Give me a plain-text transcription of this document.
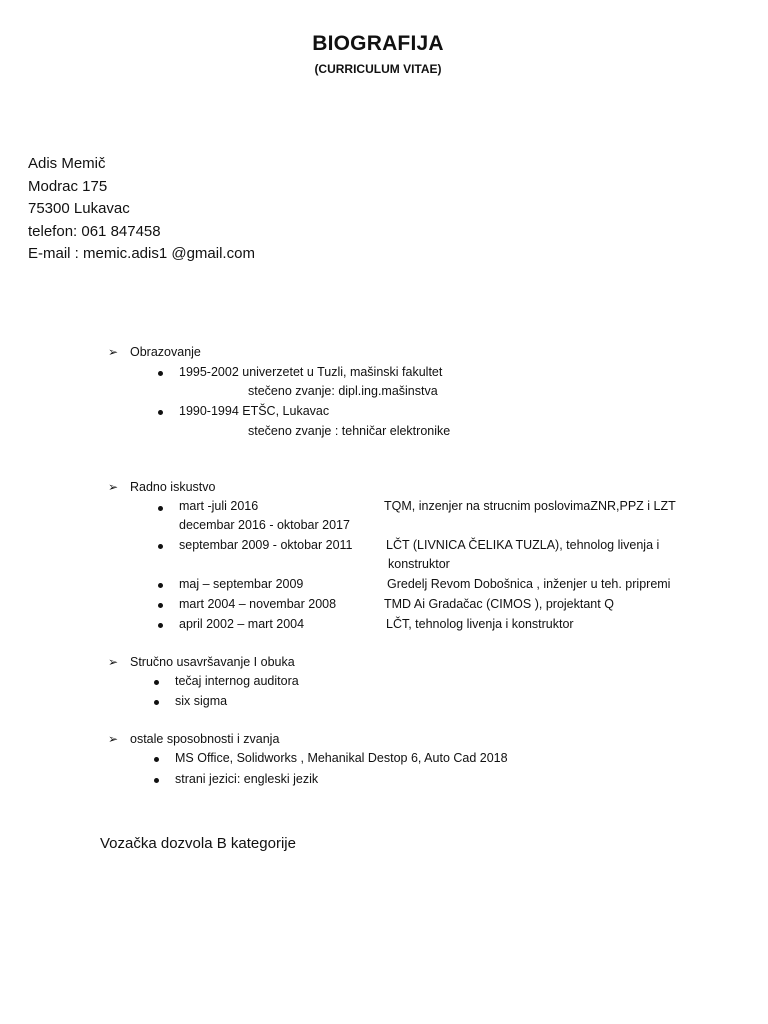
BIOGRAFIJA
(CURRICULUM VITAE)
Adis Memič
Modrac 175
75300 Lukavac
telefon: 061 847458
E-mail : memic.adis1 @gmail.com
➢ Obrazovanje
1995-2002 univerzetet u Tuzli, mašinski fakultet
stečeno zvanje: dipl.ing.mašinstva
1990-1994 ETŠC, Lukavac
stečeno zvanje : tehničar elektronike
➢ Radno iskustvo
mart -juli 2016	TQM, inzenjer na strucnim poslovimaZNR,PPZ i LZT
decembar 2016 - oktobar 2017
septembar 2009 - oktobar 2011	LČT (LIVNICA ČELIKA TUZLA), tehnolog livenja i
konstruktor
maj – septembar 2009	Gredelj Revom Dobošnica , inženjer u teh. pripremi
mart 2004 – novembar 2008	TMD Ai Gradačac (CIMOS ), projektant Q
april 2002 – mart 2004	LČT, tehnolog livenja i konstruktor
➢ Stručno usavršavanje I obuka
tečaj internog auditora
six sigma
➢ ostale sposobnosti i zvanja
MS Office, Solidworks , Mehanikal Destop 6, Auto Cad 2018
strani jezici: engleski jezik
Vozačka dozvola B kategorije
